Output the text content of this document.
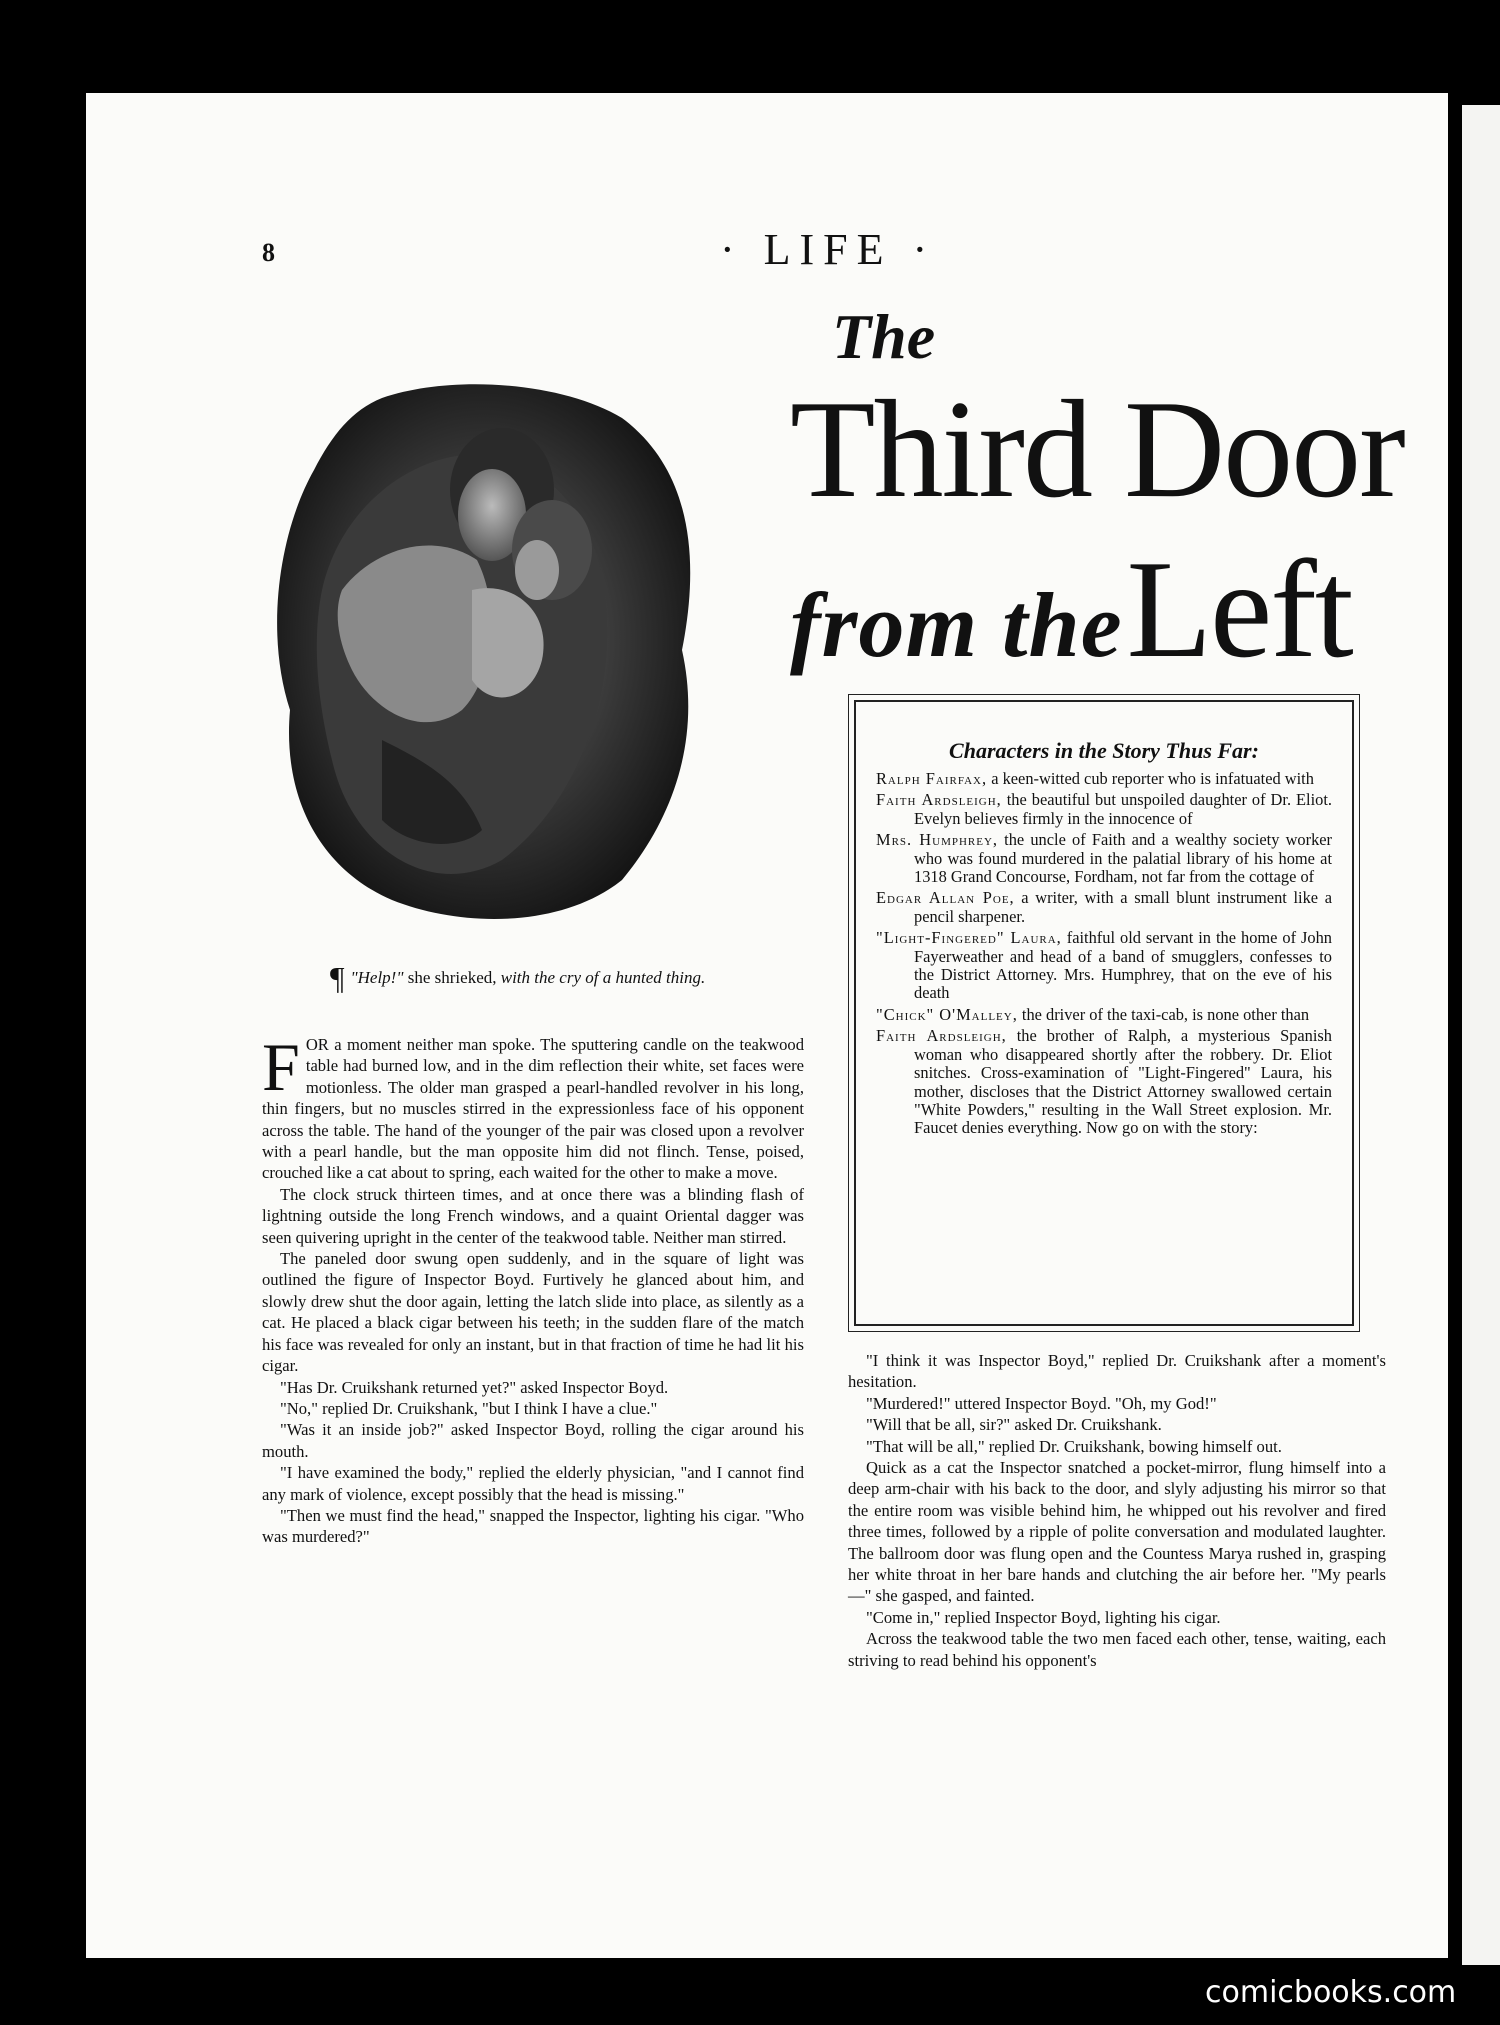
8	· LIFE ·
The
Third Door
from the Left
¶ "Help!" she shrieked, with the cry of a hunted thing.
Characters in the Story Thus Far:

Ralph Fairfax, a keen-witted cub reporter who is infatuated with

Faith Ardsleigh, the beautiful but unspoiled daughter of Dr. Eliot. Evelyn believes firmly in the innocence of

Mrs. Humphrey, the uncle of Faith and a wealthy society worker who was found murdered in the palatial library of his home at 1318 Grand Concourse, Fordham, not far from the cottage of

Edgar Allan Poe, a writer, with a small blunt instrument like a pencil sharpener.

"Light-Fingered" Laura, faithful old servant in the home of John Fayerweather and head of a band of smugglers, confesses to the District Attorney. Mrs. Humphrey, that on the eve of his death

"Chick" O'Malley, the driver of the taxi-cab, is none other than

Faith Ardsleigh, the brother of Ralph, a mysterious Spanish woman who disappeared shortly after the robbery. Dr. Eliot snitches. Cross-examination of "Light-Fingered" Laura, his mother, discloses that the District Attorney swallowed certain "White Powders," resulting in the Wall Street explosion. Mr. Faucet denies everything. Now go on with the story:

FOR a moment neither man spoke. The sputtering candle on the teakwood table had burned low, and in the dim reflection their white, set faces were motionless. The older man grasped a pearl-handled revolver in his long, thin fingers, but no muscles stirred in the expressionless face of his opponent across the table. The hand of the younger of the pair was closed upon a revolver with a pearl handle, but the man opposite him did not flinch. Tense, poised, crouched like a cat about to spring, each waited for the other to make a move.

The clock struck thirteen times, and at once there was a blinding flash of lightning outside the long French windows, and a quaint Oriental dagger was seen quivering upright in the center of the teakwood table. Neither man stirred.

The paneled door swung open suddenly, and in the square of light was outlined the figure of Inspector Boyd. Furtively he glanced about him, and slowly drew shut the door again, letting the latch slide into place, as silently as a cat. He placed a black cigar between his teeth; in the sudden flare of the match his face was revealed for only an instant, but in that fraction of time he had lit his cigar.

"Has Dr. Cruikshank returned yet?" asked Inspector Boyd.

"No," replied Dr. Cruikshank, "but I think I have a clue."

"Was it an inside job?" asked Inspector Boyd, rolling the cigar around his mouth.

"I have examined the body," replied the elderly physician, "and I cannot find any mark of violence, except possibly that the head is missing."

"Then we must find the head," snapped the Inspector, lighting his cigar. "Who was murdered?"

"I think it was Inspector Boyd," replied Dr. Cruikshank after a moment's hesitation.

"Murdered!" uttered Inspector Boyd. "Oh, my God!"

"Will that be all, sir?" asked Dr. Cruikshank.

"That will be all," replied Dr. Cruikshank, bowing himself out.

Quick as a cat the Inspector snatched a pocket-mirror, flung himself into a deep arm-chair with his back to the door, and slyly adjusting his mirror so that the entire room was visible behind him, he whipped out his revolver and fired three times, followed by a ripple of polite conversation and modulated laughter. The ballroom door was flung open and the Countess Marya rushed in, grasping her white throat in her bare hands and clutching the air before her. "My pearls—" she gasped, and fainted.

"Come in," replied Inspector Boyd, lighting his cigar.

Across the teakwood table the two men faced each other, tense, waiting, each striving to read behind his opponent's

comicbooks.com
